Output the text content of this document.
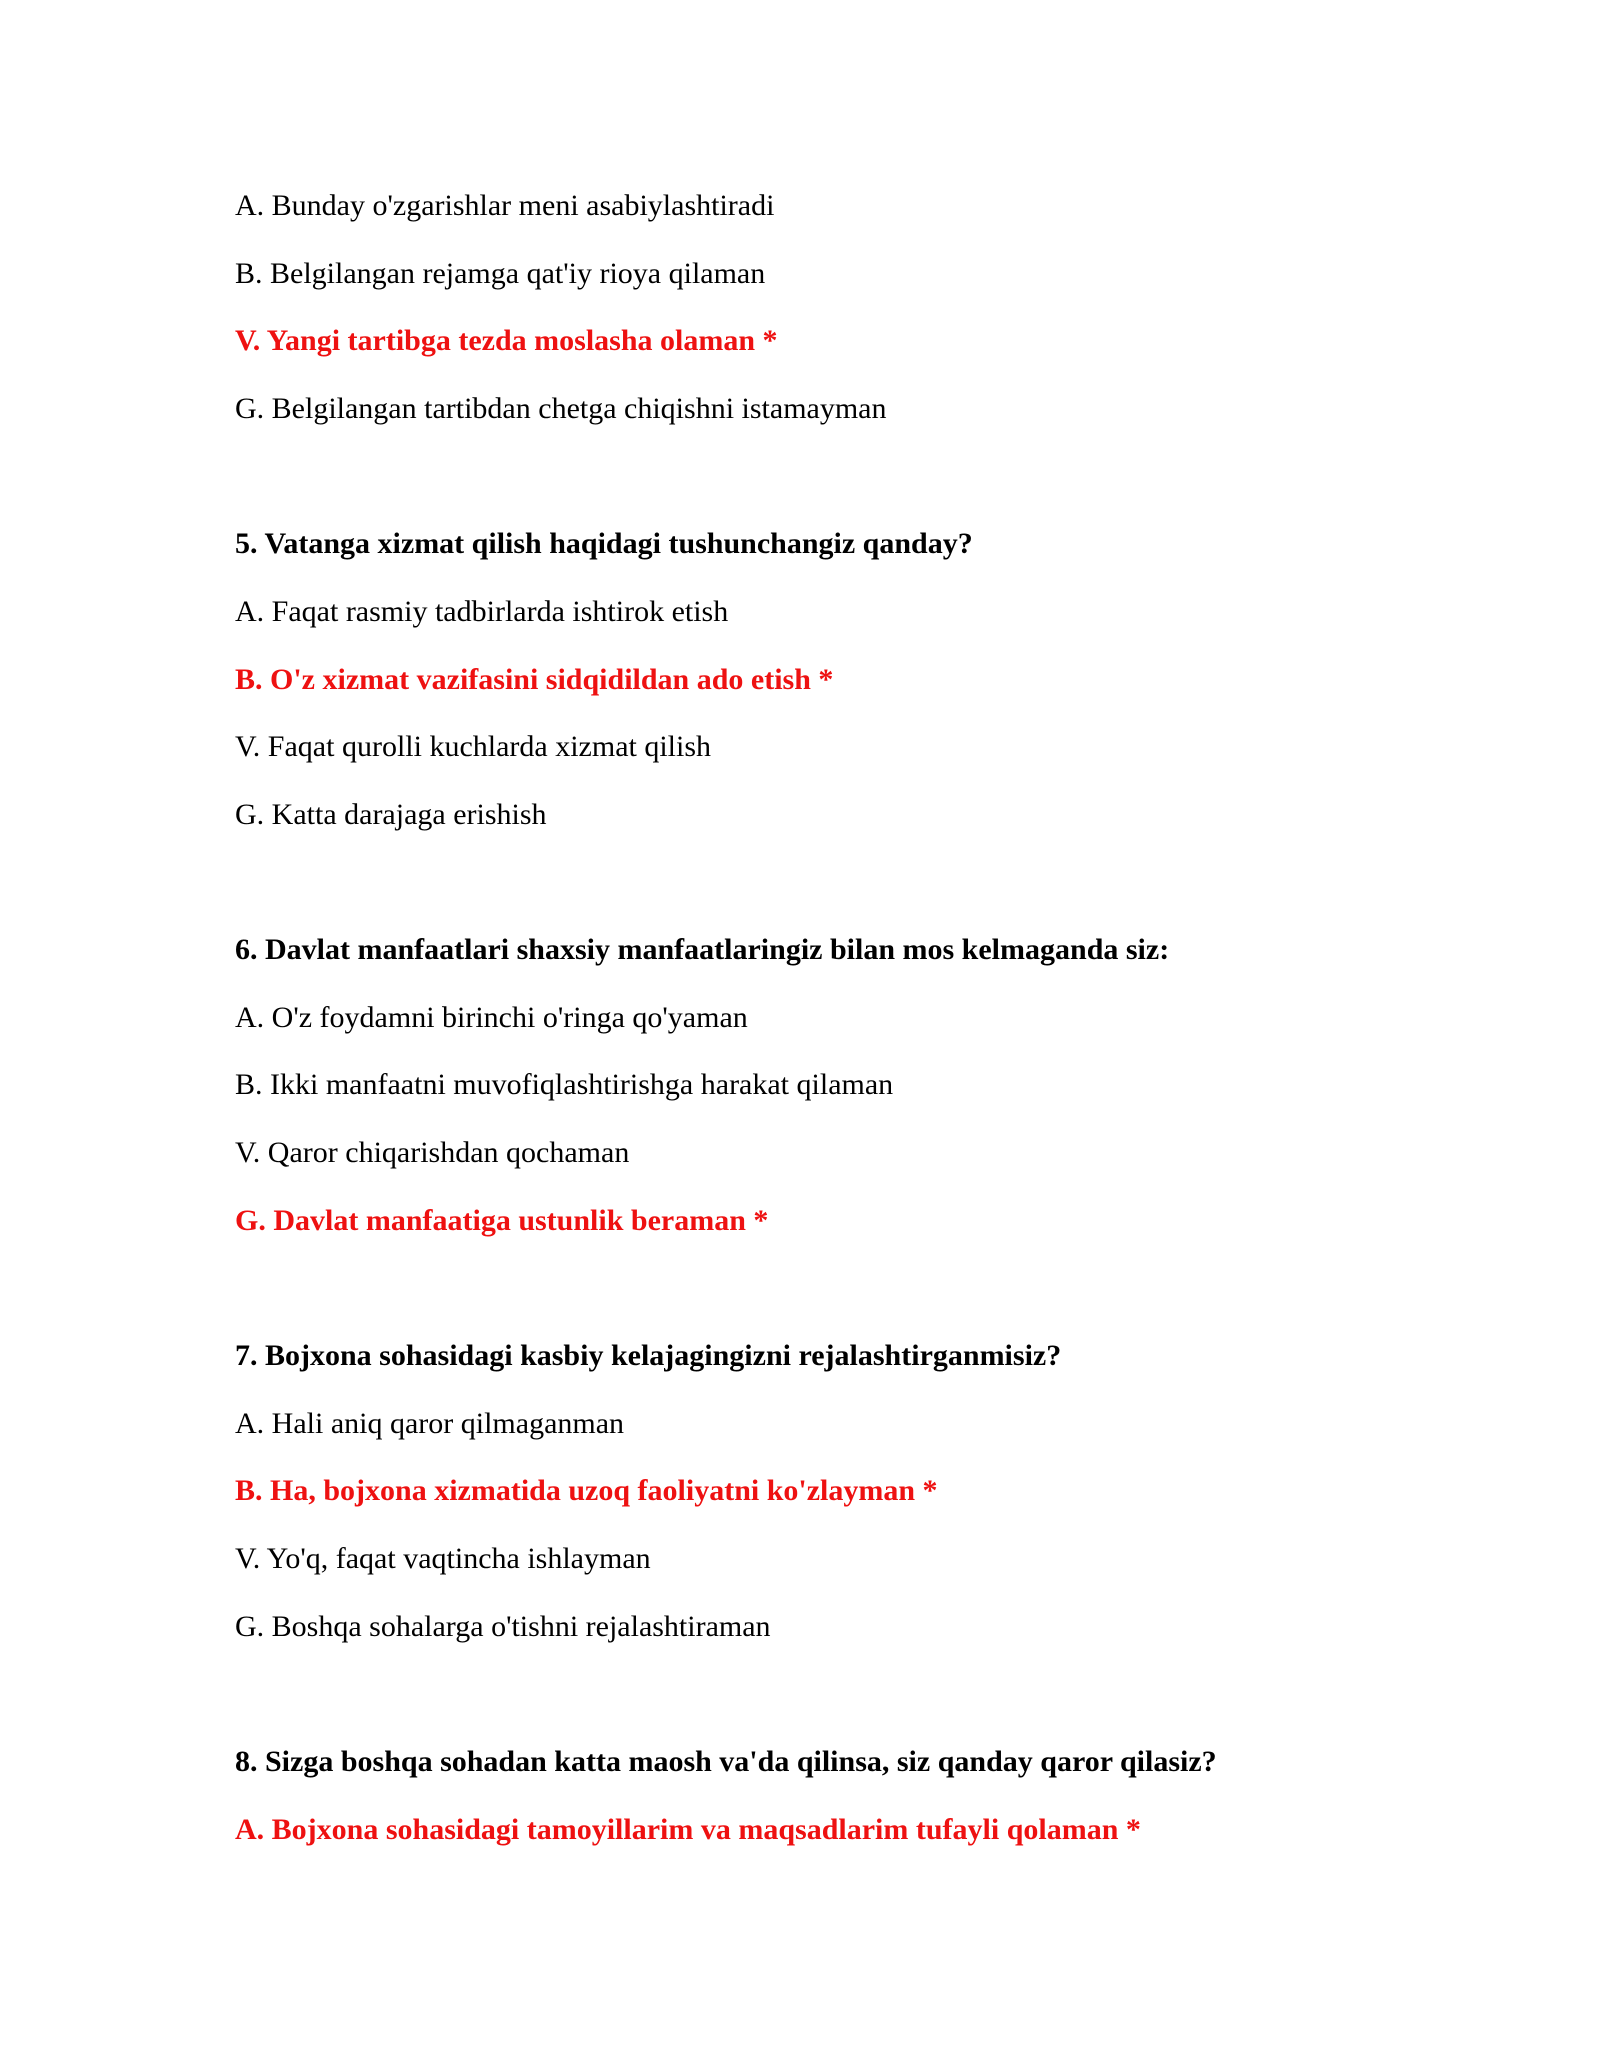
A. Bunday o'zgarishlar meni asabiylashtiradi
B. Belgilangan rejamga qat'iy rioya qilaman
V. Yangi tartibga tezda moslasha olaman *
G. Belgilangan tartibdan chetga chiqishni istamayman
5. Vatanga xizmat qilish haqidagi tushunchangiz qanday?
A. Faqat rasmiy tadbirlarda ishtirok etish
B. O'z xizmat vazifasini sidqidildan ado etish *
V. Faqat qurolli kuchlarda xizmat qilish
G. Katta darajaga erishish
6. Davlat manfaatlari shaxsiy manfaatlaringiz bilan mos kelmaganda siz:
A. O'z foydamni birinchi o'ringa qo'yaman
B. Ikki manfaatni muvofiqlashtirishga harakat qilaman
V. Qaror chiqarishdan qochaman
G. Davlat manfaatiga ustunlik beraman *
7. Bojxona sohasidagi kasbiy kelajagingizni rejalashtirganmisiz?
A. Hali aniq qaror qilmaganman
B. Ha, bojxona xizmatida uzoq faoliyatni ko'zlayman *
V. Yo'q, faqat vaqtincha ishlayman
G. Boshqa sohalarga o'tishni rejalashtiraman
8. Sizga boshqa sohadan katta maosh va'da qilinsa, siz qanday qaror qilasiz?
A. Bojxona sohasidagi tamoyillarim va maqsadlarim tufayli qolaman *
